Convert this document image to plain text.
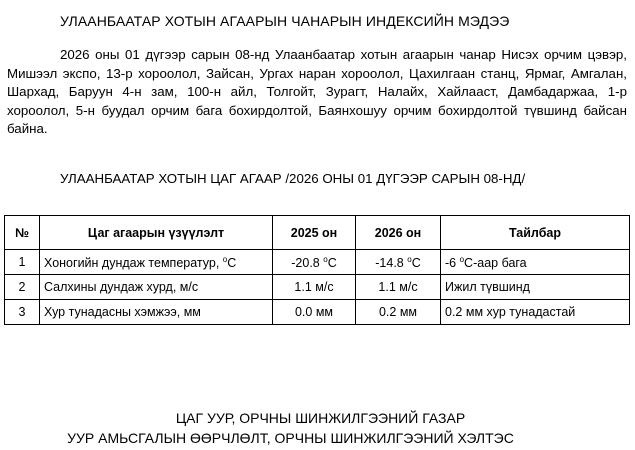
УЛААНБААТАР ХОТЫН АГААРЫН ЧАНАРЫН ИНДЕКСИЙН МЭДЭЭ
2026 оны 01 дүгээр сарын 08-нд Улаанбаатар хотын агаарын чанар Нисэх орчим цэвэр, Мишээл экспо, 13-р хороолол, Зайсан, Ургах наран хороолол, Цахилгаан станц, Ярмаг, Амгалан, Шархад, Баруун 4-н зам, 100-н айл, Толгойт, Зурагт, Налайх, Хайлааст, Дамбадаржаа, 1-р хороолол, 5-н буудал орчим бага бохирдолтой, Баянхошуу орчим бохирдолтой түвшинд байсан байна.
УЛААНБААТАР ХОТЫН ЦАГ АГААР /2026 ОНЫ 01 ДҮГЭЭР САРЫН 08-НД/
№	Цаг агаарын үзүүлэлт	2025 он	2026 он	Тайлбар
1	Хоногийн дундаж температур, $^о$С	-20.8 $^о$С	-14.8 $^о$С	-6 $^о$С-аар бага
2	Салхины дундаж хурд, м/с	1.1 м/с	1.1 м/с	Ижил түвшинд
3	Хур тунадасны хэмжээ, мм	0.0 мм	0.2 мм	0.2 мм хур тунадастай
ЦАГ УУР, ОРЧНЫ ШИНЖИЛГЭЭНИЙ ГАЗАР
УУР АМЬСГАЛЫН ӨӨРЧЛӨЛТ, ОРЧНЫ ШИНЖИЛГЭЭНИЙ ХЭЛТЭС
